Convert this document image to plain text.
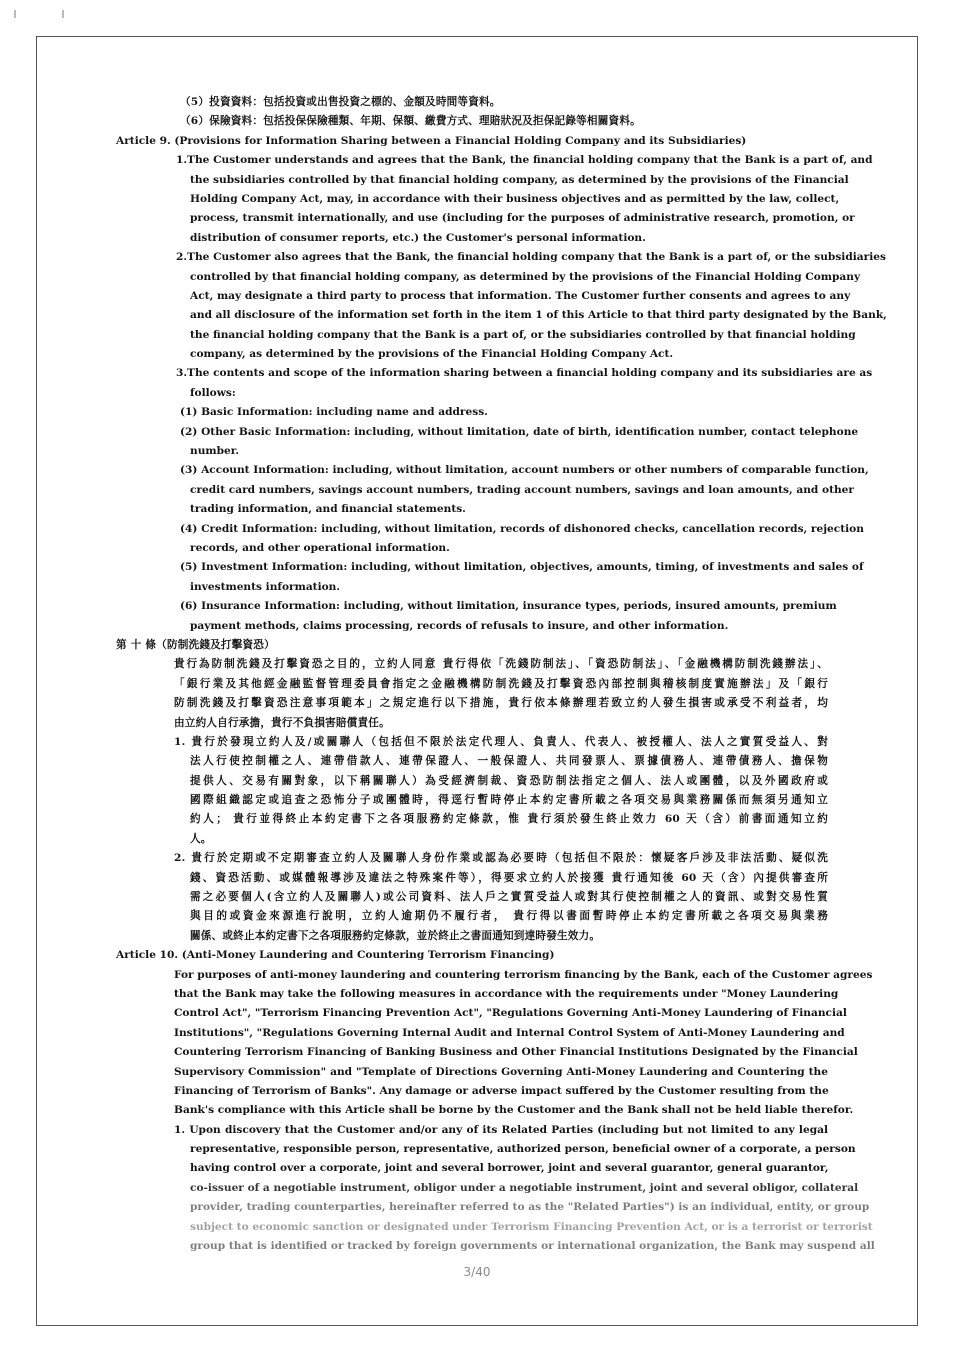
（5）投資資料：包括投資或出售投資之標的、金額及時間等資料。
（6）保險資料：包括投保保險種類、年期、保額、繳費方式、理賠狀況及拒保記錄等相關資料。
Article 9. (Provisions for Information Sharing between a Financial Holding Company and its Subsidiaries)
1.The Customer understands and agrees that the Bank, the financial holding company that the Bank is a part of, and
the subsidiaries controlled by that financial holding company, as determined by the provisions of the Financial
Holding Company Act, may, in accordance with their business objectives and as permitted by the law, collect,
process, transmit internationally, and use (including for the purposes of administrative research, promotion, or
distribution of consumer reports, etc.) the Customer's personal information.
2.The Customer also agrees that the Bank, the financial holding company that the Bank is a part of, or the subsidiaries
controlled by that financial holding company, as determined by the provisions of the Financial Holding Company
Act, may designate a third party to process that information. The Customer further consents and agrees to any
and all disclosure of the information set forth in the item 1 of this Article to that third party designated by the Bank,
the financial holding company that the Bank is a part of, or the subsidiaries controlled by that financial holding
company, as determined by the provisions of the Financial Holding Company Act.
3.The contents and scope of the information sharing between a financial holding company and its subsidiaries are as
follows:
(1) Basic Information: including name and address.
(2) Other Basic Information: including, without limitation, date of birth, identification number, contact telephone
number.
(3) Account Information: including, without limitation, account numbers or other numbers of comparable function,
credit card numbers, savings account numbers, trading account numbers, savings and loan amounts, and other
trading information, and financial statements.
(4) Credit Information: including, without limitation, records of dishonored checks, cancellation records, rejection
records, and other operational information.
(5) Investment Information: including, without limitation, objectives, amounts, timing, of investments and sales of
investments information.
(6) Insurance Information: including, without limitation, insurance types, periods, insured amounts, premium
payment methods, claims processing, records of refusals to insure, and other information.
第 十 條（防制洗錢及打擊資恐）
貴行為防制洗錢及打擊資恐之目的，立約人同意 貴行得依「洗錢防制法」、「資恐防制法」、「金融機構防制洗錢辦法」、
「銀行業及其他經金融監督管理委員會指定之金融機構防制洗錢及打擊資恐內部控制與稽核制度實施辦法」及「銀行
防制洗錢及打擊資恐注意事項範本」之規定進行以下措施，貴行依本條辦理若致立約人發生損害或承受不利益者，均
由立約人自行承擔，貴行不負損害賠償責任。
1. 貴行於發現立約人及/或關聯人（包括但不限於法定代理人、負責人、代表人、被授權人、法人之實質受益人、對
法人行使控制權之人、連帶借款人、連帶保證人、一般保證人、共同發票人、票據債務人、連帶債務人、擔保物
提供人、交易有關對象，以下稱關聯人）為受經濟制裁、資恐防制法指定之個人、法人或團體，以及外國政府或
國際組織認定或追查之恐怖分子或團體時，得逕行暫時停止本約定書所載之各項交易與業務關係而無須另通知立
約人； 貴行並得終止本約定書下之各項服務約定條款，惟 貴行須於發生終止效力 60 天（含）前書面通知立約
人。
2. 貴行於定期或不定期審查立約人及關聯人身份作業或認為必要時（包括但不限於：懷疑客戶涉及非法活動、疑似洗
錢、資恐活動、或媒體報導涉及違法之特殊案件等），得要求立約人於接獲 貴行通知後 60 天（含）內提供審查所
需之必要個人(含立約人及關聯人)或公司資料、法人戶之實質受益人或對其行使控制權之人的資訊、或對交易性質
與目的或資金來源進行說明，立約人逾期仍不履行者， 貴行得以書面暫時停止本約定書所載之各項交易與業務
關係、或終止本約定書下之各項服務約定條款，並於終止之書面通知到達時發生效力。
Article 10. (Anti-Money Laundering and Countering Terrorism Financing)
For purposes of anti-money laundering and countering terrorism financing by the Bank, each of the Customer agrees
that the Bank may take the following measures in accordance with the requirements under "Money Laundering
Control Act", "Terrorism Financing Prevention Act", "Regulations Governing Anti-Money Laundering of Financial
Institutions", "Regulations Governing Internal Audit and Internal Control System of Anti-Money Laundering and
Countering Terrorism Financing of Banking Business and Other Financial Institutions Designated by the Financial
Supervisory Commission" and "Template of Directions Governing Anti-Money Laundering and Countering the
Financing of Terrorism of Banks". Any damage or adverse impact suffered by the Customer resulting from the
Bank's compliance with this Article shall be borne by the Customer and the Bank shall not be held liable therefor.
1. Upon discovery that the Customer and/or any of its Related Parties (including but not limited to any legal
representative, responsible person, representative, authorized person, beneficial owner of a corporate, a person
having control over a corporate, joint and several borrower, joint and several guarantor, general guarantor,
co-issuer of a negotiable instrument, obligor under a negotiable instrument, joint and several obligor, collateral
provider, trading counterparties, hereinafter referred to as the "Related Parties") is an individual, entity, or group
subject to economic sanction or designated under Terrorism Financing Prevention Act, or is a terrorist or terrorist
group that is identified or tracked by foreign governments or international organization, the Bank may suspend all
3/40
